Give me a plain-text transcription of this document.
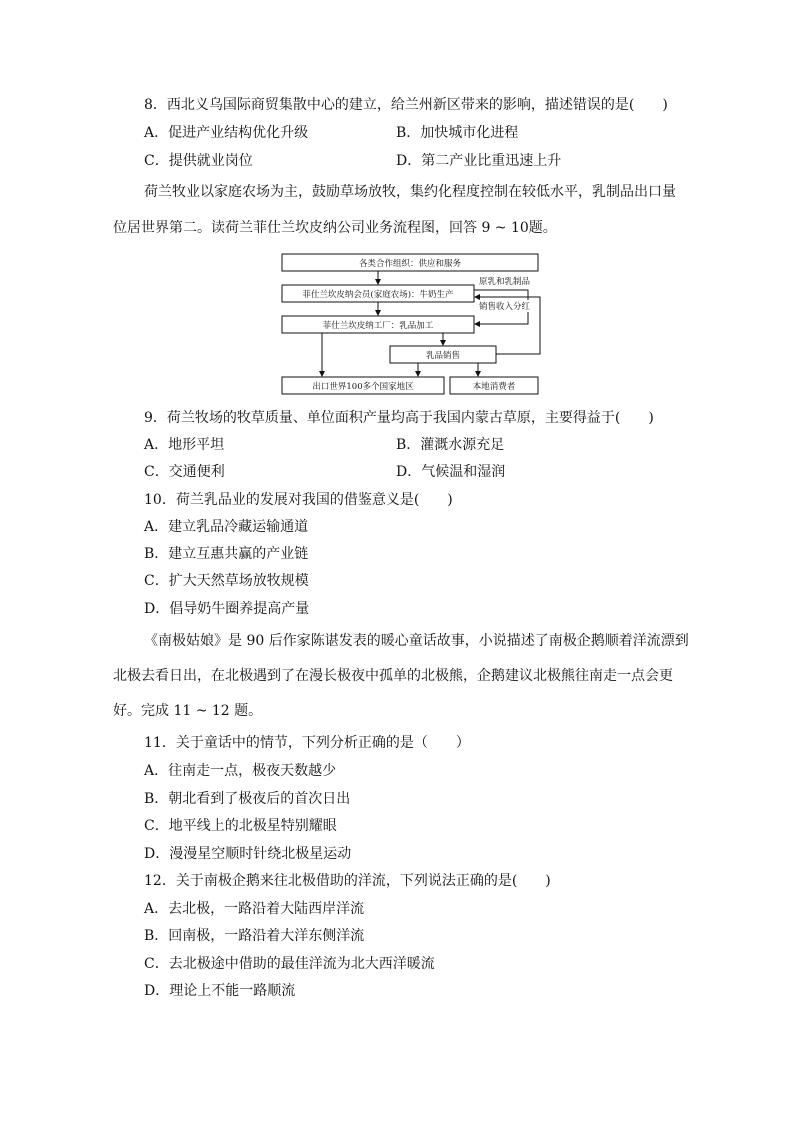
8．西北义乌国际商贸集散中心的建立，给兰州新区带来的影响，描述错误的是(　　)
A．促进产业结构优化升级	B．加快城市化进程
C．提供就业岗位	D．第二产业比重迅速上升
荷兰牧业以家庭农场为主，鼓励草场放牧，集约化程度控制在较低水平，乳制品出口量
位居世界第二。读荷兰菲仕兰坎皮纳公司业务流程图，回答 9 ~ 10题。
各类合作组织：供应和服务
菲仕兰坎皮纳会员(家庭农场)：牛奶生产
菲仕兰坎皮纳工厂：乳品加工
乳品销售
出口世界100多个国家地区	本地消费者
原乳和乳制品
销售收入分红
9．荷兰牧场的牧草质量、单位面积产量均高于我国内蒙古草原，主要得益于(　　)
A．地形平坦	B．灌溉水源充足
C．交通便利	D．气候温和湿润
10．荷兰乳品业的发展对我国的借鉴意义是(　　)
A．建立乳品冷藏运输通道
B．建立互惠共赢的产业链
C．扩大天然草场放牧规模
D．倡导奶牛圈养提高产量
《南极姑娘》是 90 后作家陈谌发表的暖心童话故事，小说描述了南极企鹅顺着洋流漂到
北极去看日出，在北极遇到了在漫长极夜中孤单的北极熊，企鹅建议北极熊往南走一点会更
好。完成 11 ~ 12 题。
11．关于童话中的情节，下列分析正确的是（　　）
A．往南走一点，极夜天数越少
B．朝北看到了极夜后的首次日出
C．地平线上的北极星特别耀眼
D．漫漫星空顺时针绕北极星运动
12．关于南极企鹅来往北极借助的洋流，下列说法正确的是(　　)
A．去北极，一路沿着大陆西岸洋流
B．回南极，一路沿着大洋东侧洋流
C．去北极途中借助的最佳洋流为北大西洋暖流
D．理论上不能一路顺流
